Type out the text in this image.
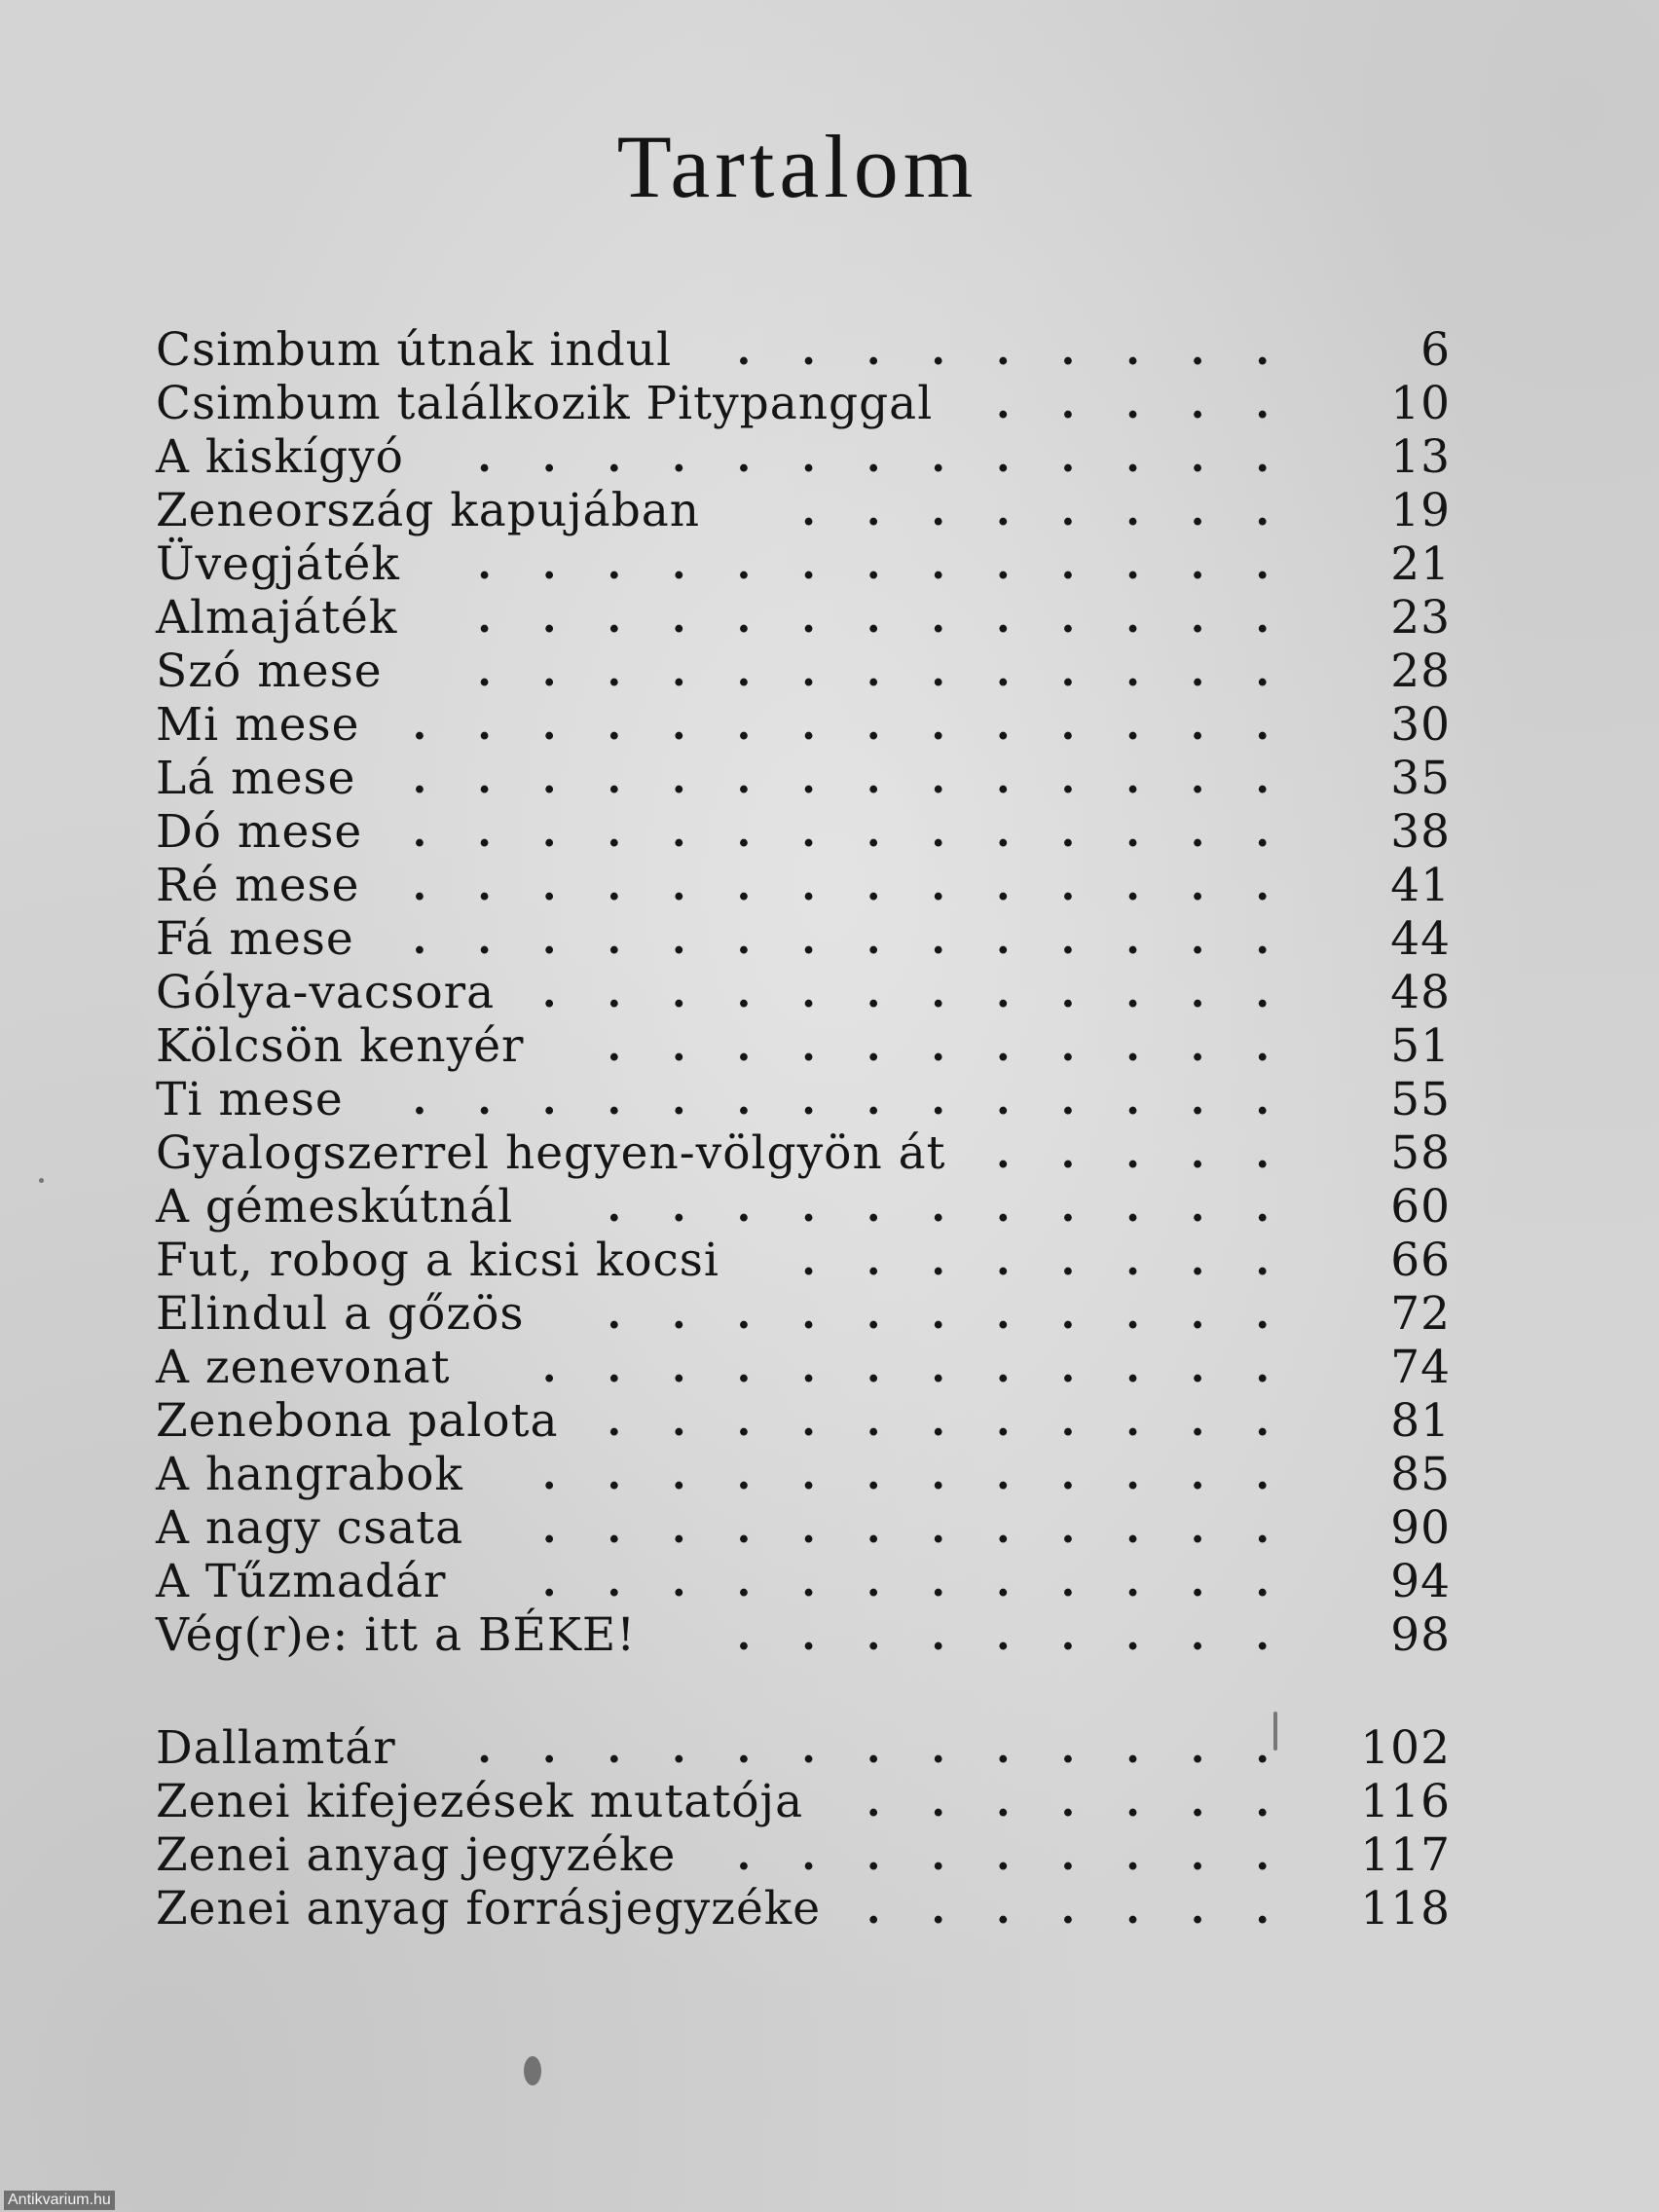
Tartalom
Csimbum útnak indul	.	.	.	.	.	.	.	.	.	6
Csimbum találkozik Pitypanggal	.	.	.	.	.	10
A kiskígyó	.	.	.	.	.	.	.	.	.	.	.	.	.	13
Zeneország kapujában	.	.	.	.	.	.	.	.	19
Üvegjáték	.	.	.	.	.	.	.	.	.	.	.	.	.	21
Almajáték	.	.	.	.	.	.	.	.	.	.	.	.	.	23
Szó mese	.	.	.	.	.	.	.	.	.	.	.	.	.	28
Mi mese	.	.	.	.	.	.	.	.	.	.	.	.	.	.	30
Lá mese	.	.	.	.	.	.	.	.	.	.	.	.	.	.	35
Dó mese	.	.	.	.	.	.	.	.	.	.	.	.	.	.	38
Ré mese	.	.	.	.	.	.	.	.	.	.	.	.	.	.	41
Fá mese	.	.	.	.	.	.	.	.	.	.	.	.	.	.	44
Gólya-vacsora	.	.	.	.	.	.	.	.	.	.	.	.	48
Kölcsön kenyér	.	.	.	.	.	.	.	.	.	.	.	51
Ti mese	.	.	.	.	.	.	.	.	.	.	.	.	.	.	55
Gyalogszerrel hegyen-völgyön át	.	.	.	.	.	58
A gémeskútnál	.	.	.	.	.	.	.	.	.	.	.	60
Fut, robog a kicsi kocsi	.	.	.	.	.	.	.	.	66
Elindul a gőzös	.	.	.	.	.	.	.	.	.	.	.	72
A zenevonat	.	.	.	.	.	.	.	.	.	.	.	.	74
Zenebona palota	.	.	.	.	.	.	.	.	.	.	.	81
A hangrabok	.	.	.	.	.	.	.	.	.	.	.	.	85
A nagy csata	.	.	.	.	.	.	.	.	.	.	.	.	90
A Tűzmadár	.	.	.	.	.	.	.	.	.	.	.	.	94
Vég(r)e: itt a BÉKE!	.	.	.	.	.	.	.	.	.	98
Dallamtár	.	.	.	.	.	.	.	.	.	.	.	.	.	102
Zenei kifejezések mutatója	.	.	.	.	.	.	.	116
Zenei anyag jegyzéke	.	.	.	.	.	.	.	.	.	117
Zenei anyag forrásjegyzéke	.	.	.	.	.	.	.	118
Antikvarium.hu
